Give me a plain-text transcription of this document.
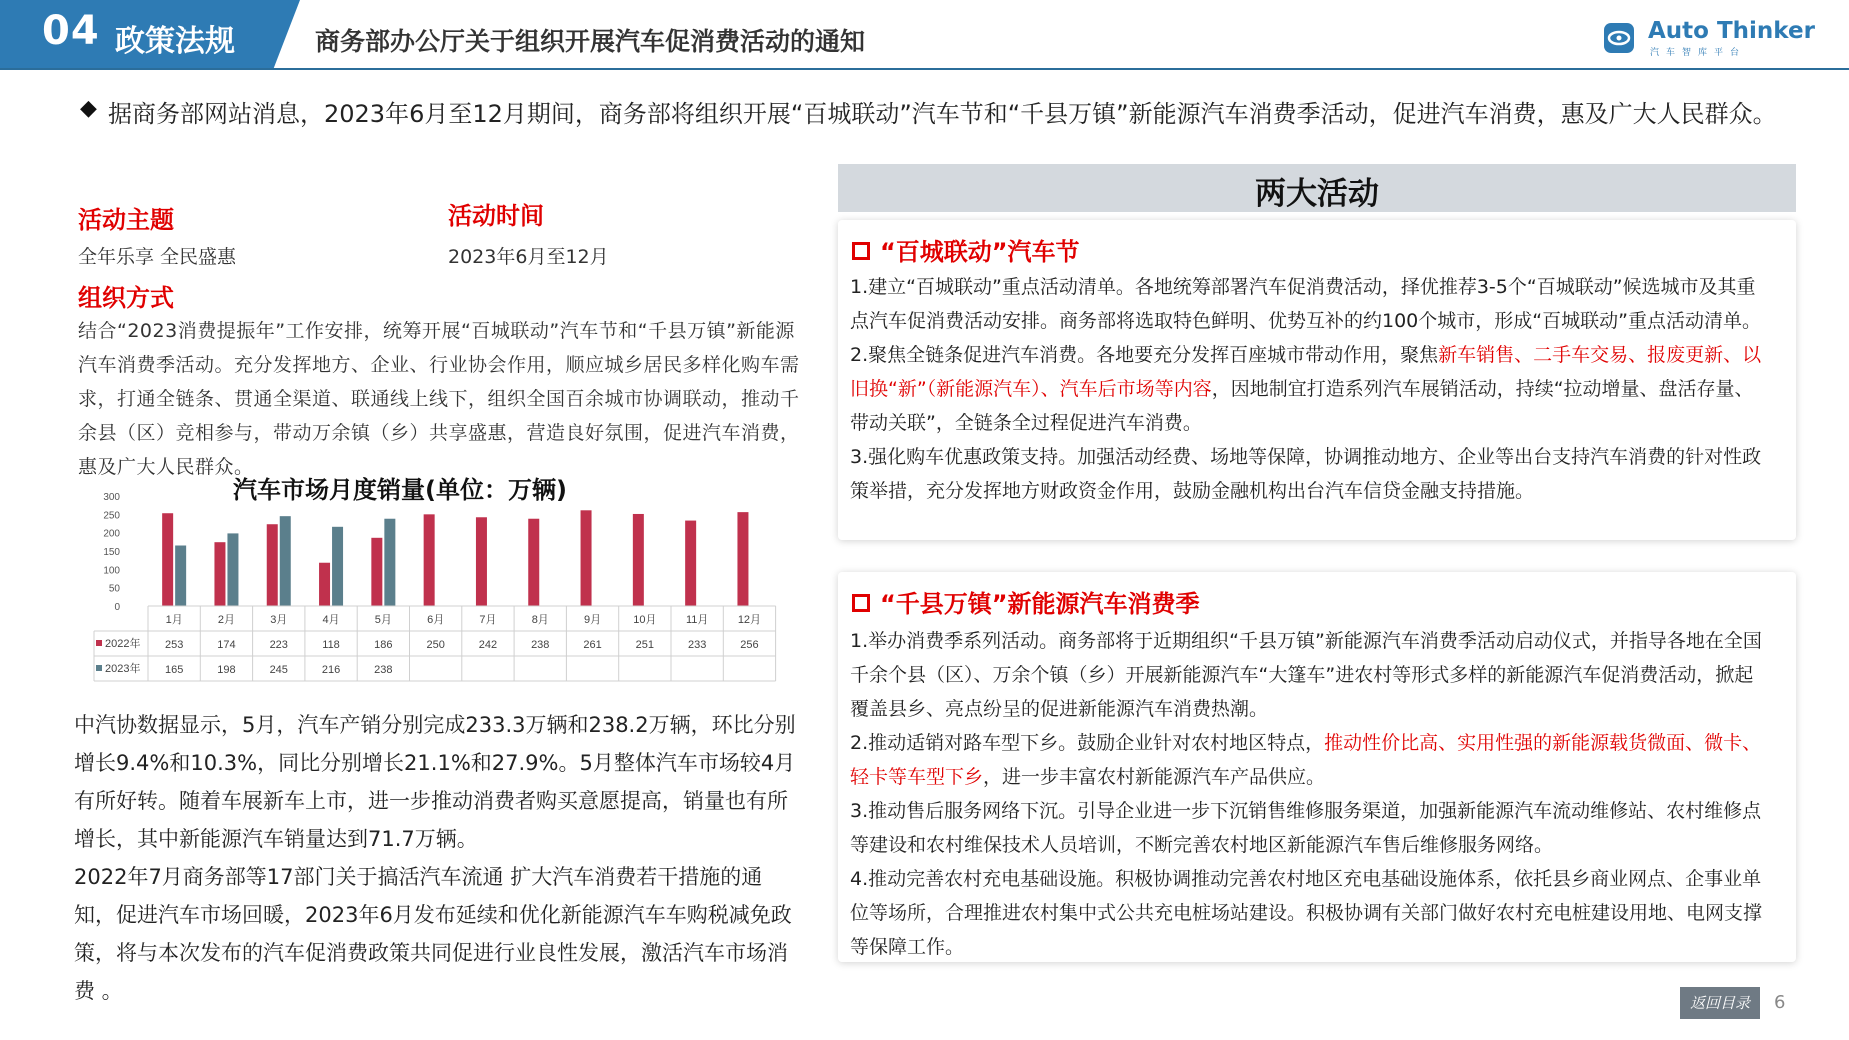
04 政策法规	商务部办公厅关于组织开展汽车促消费活动的通知	Auto Thinker
汽车智库平台
◆ 据商务部网站消息，2023年6月至12月期间，商务部将组织开展“百城联动”汽车节和“千县万镇”新能源汽车消费季活动，促进汽车消费，惠及广大人民群众。
活动主题
全年乐享 全民盛惠
活动时间
2023年6月至12月
组织方式
结合“2023消费提振年”工作安排，统筹开展“百城联动”汽车节和“千县万镇”新能源汽车消费季活动。充分发挥地方、企业、行业协会作用，顺应城乡居民多样化购车需求，打通全链条、贯通全渠道、联通线上线下，组织全国百余城市协调联动，推动千余县（区）竞相参与，带动万余镇（乡）共享盛惠，营造良好氛围，促进汽车消费，惠及广大人民群众。
汽车市场月度销量(单位：万辆)
0
50
100
150
200
250
300
1月	2月	3月	4月	5月	6月	7月	8月	9月	10月	11月	12月
2022年 253	174	223	118	186	250	242	238	261	251	233	256
2023年 165	198	245	216	238
中汽协数据显示，5月，汽车产销分别完成233.3万辆和238.2万辆，环比分别增长9.4%和10.3%，同比分别增长21.1%和27.9%。5月整体汽车市场较4月有所好转。随着车展新车上市，进一步推动消费者购买意愿提高，销量也有所增长，其中新能源汽车销量达到71.7万辆。
2022年7月商务部等17部门关于搞活汽车流通 扩大汽车消费若干措施的通知，促进汽车市场回暖，2023年6月发布延续和优化新能源汽车车购税减免政策，将与本次发布的汽车促消费政策共同促进行业良性发展，激活汽车市场消费 。
两大活动
“百城联动”汽车节
1.建立“百城联动”重点活动清单。各地统筹部署汽车促消费活动，择优推荐3-5个“百城联动”候选城市及其重点汽车促消费活动安排。商务部将选取特色鲜明、优势互补的约100个城市，形成“百城联动”重点活动清单。
2.聚焦全链条促进汽车消费。各地要充分发挥百座城市带动作用，聚焦新车销售、二手车交易、报废更新、以旧换“新”（新能源汽车）、汽车后市场等内容，因地制宜打造系列汽车展销活动，持续“拉动增量、盘活存量、带动关联”，全链条全过程促进汽车消费。
3.强化购车优惠政策支持。加强活动经费、场地等保障，协调推动地方、企业等出台支持汽车消费的针对性政策举措，充分发挥地方财政资金作用，鼓励金融机构出台汽车信贷金融支持措施。
“千县万镇”新能源汽车消费季
1.举办消费季系列活动。商务部将于近期组织“千县万镇”新能源汽车消费季活动启动仪式，并指导各地在全国千余个县（区）、万余个镇（乡）开展新能源汽车“大篷车”进农村等形式多样的新能源汽车促消费活动，掀起覆盖县乡、亮点纷呈的促进新能源汽车消费热潮。
2.推动适销对路车型下乡。鼓励企业针对农村地区特点，推动性价比高、实用性强的新能源载货微面、微卡、轻卡等车型下乡，进一步丰富农村新能源汽车产品供应。
3.推动售后服务网络下沉。引导企业进一步下沉销售维修服务渠道，加强新能源汽车流动维修站、农村维修点等建设和农村维保技术人员培训，不断完善农村地区新能源汽车售后维修服务网络。
4.推动完善农村充电基础设施。积极协调推动完善农村地区充电基础设施体系，依托县乡商业网点、企事业单位等场所，合理推进农村集中式公共充电桩场站建设。积极协调有关部门做好农村充电桩建设用地、电网支撑等保障工作。
返回目录	6
